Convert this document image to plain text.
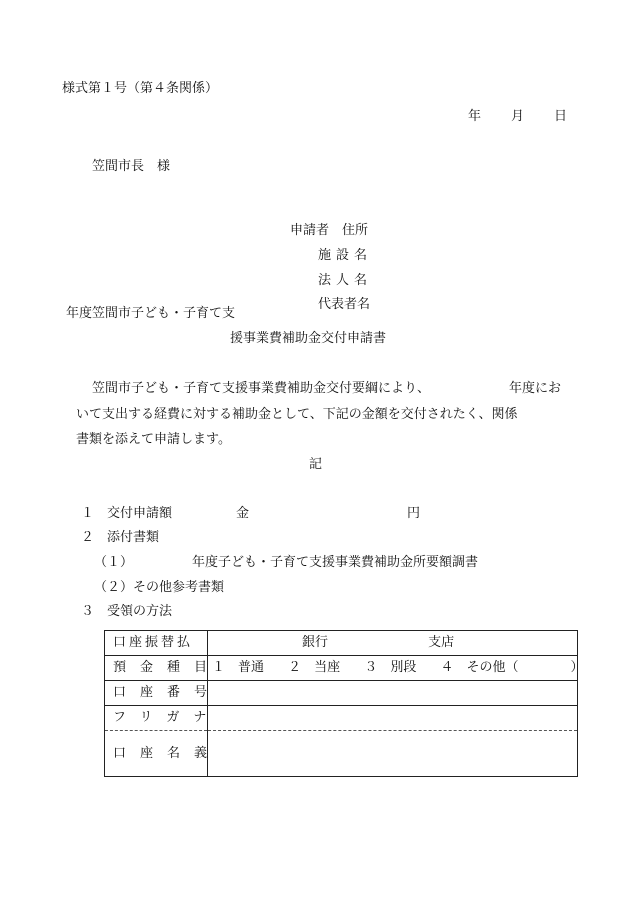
様式第１号（第４条関係）
年 月 日
笠間市長　様
申請者　住所
施設名
法人名
代表者名
年度笠間市子ども・子育て支
援事業費補助金交付申請書
笠間市子ども・子育て支援事業費補助金交付要綱により、	年度にお
いて支出する経費に対する補助金として、下記の金額を交付されたく、関係
書類を添えて申請します。
記
１ 交付申請額	金	円
２ 添付書類
（１）	年度子ども・子育て支援事業費補助金所要額調書
（２）その他参考書類
３ 受領の方法
口座振替払	銀行 支店
預金種目	１　普通 ２　当座 ３　別段 ４　その他（　　　　）
口座番号	
フリガナ	
口座名義	
